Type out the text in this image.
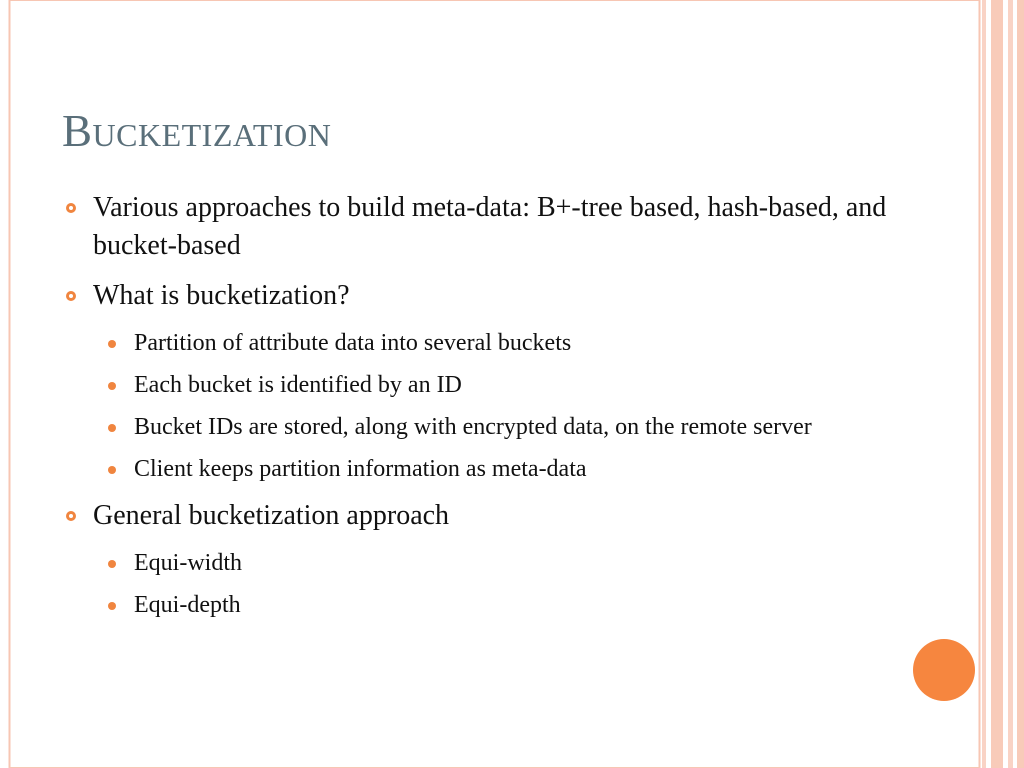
Bucketization
Various approaches to build meta-data: B+-tree based, hash-based, and bucket-based
What is bucketization?
Partition of attribute data into several buckets
Each bucket is identified by an ID
Bucket IDs are stored, along with encrypted data, on the remote server
Client keeps partition information as meta-data
General bucketization approach
Equi-width
Equi-depth
